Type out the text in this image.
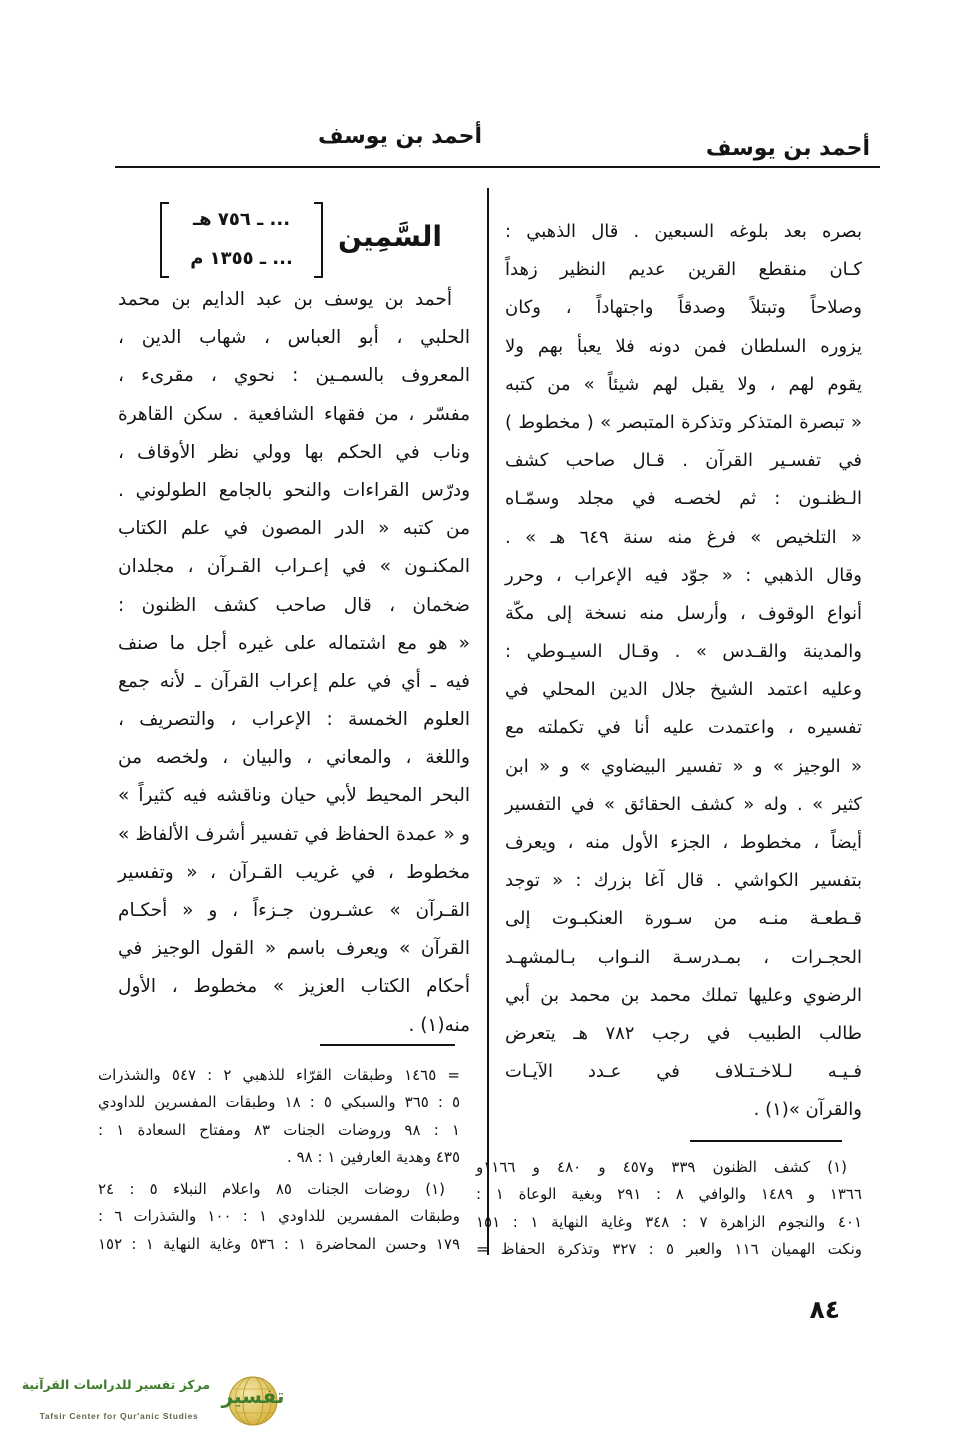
أحمد بن يوسف
أحمد بن يوسف
بصره بعد بلوغه السبعين . قال الذهبي :
كـان منقطع القرين عديم النظير زهداً
وصلاحاً وتبتلاً وصدقاً واجتهاداً ، وكان
يزوره السلطان فمن دونه فلا يعبأ بهم ولا
يقوم لهم ، ولا يقبل لهم شيئاً » من كتبه
« تبصرة المتذكر وتذكرة المتبصر » ( مخطوط )
في تفسـير القرآن . قـال صاحب كشف
الـظنـون : ثم لخصـه في مجلد وسمّـاه
« التلخيص » فرغ منه سنة ٦٤٩ هـ » .
وقال الذهبي : « جوّد فيه الإعراب ، وحرر
أنواع الوقوف ، وأرسل منه نسخة إلى مكّة
والمدينة والقـدس » . وقـال السيـوطي :
وعليه اعتمد الشيخ جلال الدين المحلي في
تفسيره ، واعتمدت عليه أنا في تكملته مع
« الوجيز » و « تفسير البيضاوي » و « ابن
كثير » . وله « كشف الحقائق » في التفسير
أيضاً ، مخطوط ، الجزء الأول منه ، ويعرف
بتفسير الكواشي . قال آغا بزرك : « توجد
قـطعـة منـه من سـورة العنكبـوت إلى
الحجـرات ، بمـدرسـة النـواب بـالمشهـد
الرضوي وعليها تملك محمد بن محمد بن أبي
طالب الطبيب في رجب ٧٨٢ هـ يتعرض
فـيـه لـلاخـتـلاف في عـدد الآيـات
والقرآن »(١) .
(١) كشف الظنون ٣٣٩ و٤٥٧ و ٤٨٠ و ١١٦٦و
١٣٦٦ و ١٤٨٩ والوافي ٨ : ٢٩١ وبغية الوعاة ١ :
٤٠١ والنجوم الزاهرة ٧ : ٣٤٨ وغاية النهاية ١ : ١٥١
ونكت الهميان ١١٦ والعبر ٥ : ٣٢٧ وتذكرة الحفاظ =
السَّمِين
... ـ ٧٥٦ هـ
... ـ ١٣٥٥ م
أحمد بن يوسف بن عبد الدايم بن محمد
الحلبي ، أبو العباس ، شهاب الدين ،
المعروف بالسمـين : نحوي ، مقرىء ،
مفسّر ، من فقهاء الشافعية . سكن القاهرة
وناب في الحكم بها وولي نظر الأوقاف ،
ودرّس القراءات والنحو بالجامع الطولوني .
من كتبه « الدر المصون في علم الكتاب
المكنـون » في إعـراب القـرآن ، مجلدان
ضخمان ، قال صاحب كشف الظنون :
« هو مع اشتماله على غيره أجل ما صنف
فيه ـ أي في علم إعراب القرآن ـ لأنه جمع
العلوم الخمسة : الإعراب ، والتصريف ،
واللغة ، والمعاني ، والبيان ، ولخصه من
البحر المحيط لأبي حيان وناقشه فيه كثيراً »
و « عمدة الحفاظ في تفسير أشرف الألفاظ »
مخطوط ، في غريب القـرآن ، « وتفسير
القـرآن » عشـرون جـزءاً ، و « أحكـام
القرآن » ويعرف باسم « القول الوجيز في
أحكام الكتاب العزيز » مخطوط ، الأول
منه(١) .
= ١٤٦٥ وطبقات القرّاء للذهبي ٢ : ٥٤٧ والشذرات
٥ : ٣٦٥ والسبكي ٥ : ١٨ وطبقات المفسرين للداودي
١ : ٩٨ وروضات الجنات ٨٣ ومفتاح السعادة ١ :
٤٣٥ وهدية العارفين ١ : ٩٨ .
(١) روضات الجنات ٨٥ واعلام النبلاء ٥ : ٢٤
وطبقات المفسرين للداودي ١ : ١٠٠ والشذرات ٦ :
١٧٩ وحسن المحاضرة ١ : ٥٣٦ وغاية النهاية ١ : ١٥٢
٨٤
تفسير
مركز تفسير للدراسات القرآنية
Tafsir Center for Qur'anic Studies
